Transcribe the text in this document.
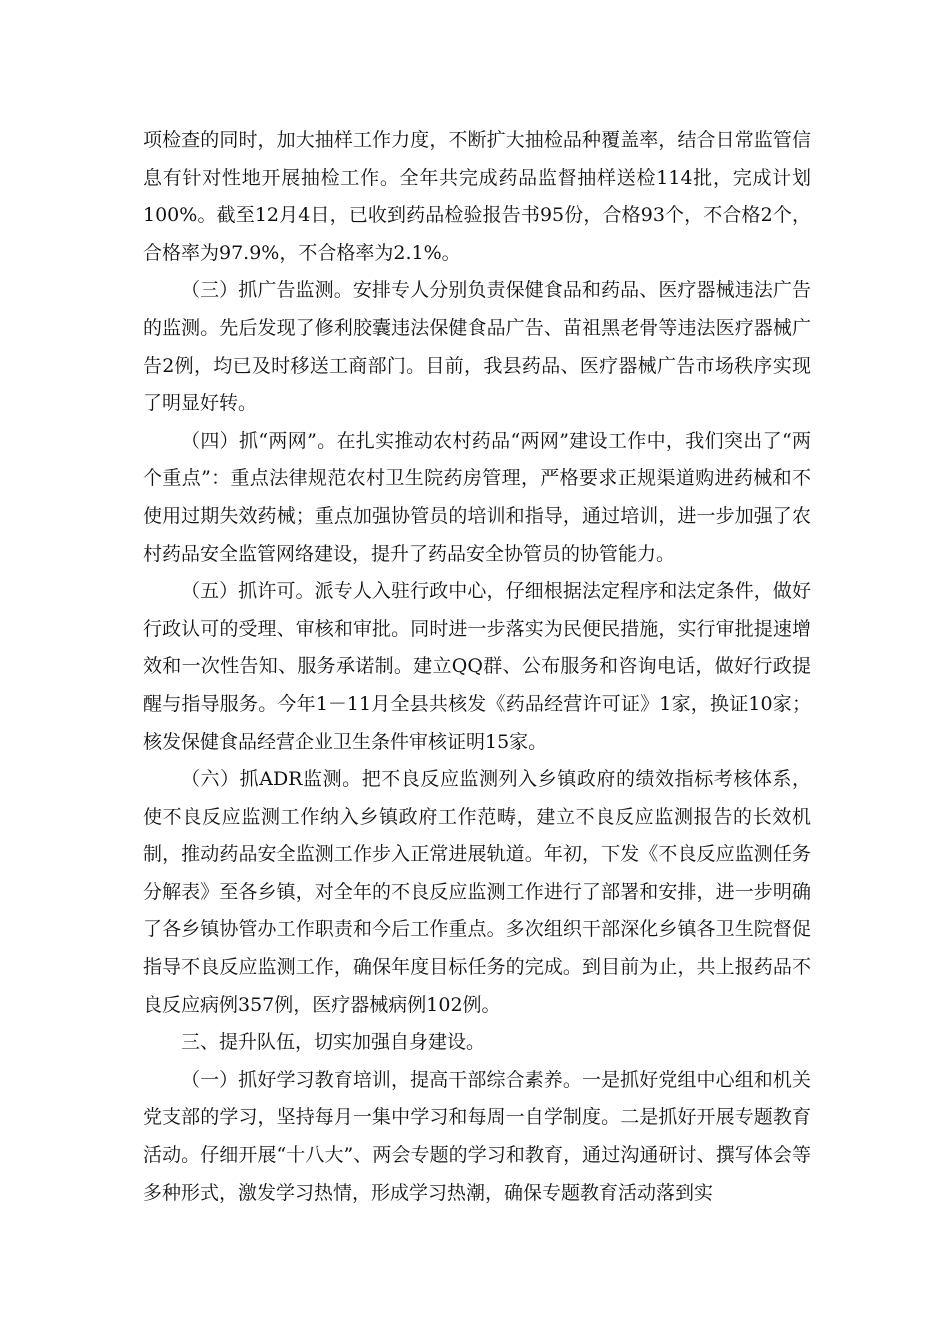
项检查的同时，加大抽样工作力度，不断扩大抽检品种覆盖率，结合日常监管信息有针对性地开展抽检工作。全年共完成药品监督抽样送检114批，完成计划100%。截至12月4日，已收到药品检验报告书95份，合格93个，不合格2个，合格率为97.9%，不合格率为2.1%。

（三）抓广告监测。安排专人分别负责保健食品和药品、医疗器械违法广告的监测。先后发现了修利胶囊违法保健食品广告、苗祖黑老骨等违法医疗器械广告2例，均已及时移送工商部门。目前，我县药品、医疗器械广告市场秩序实现了明显好转。

（四）抓“两网”。在扎实推动农村药品“两网”建设工作中，我们突出了“两个重点”：重点法律规范农村卫生院药房管理，严格要求正规渠道购进药械和不使用过期失效药械；重点加强协管员的培训和指导，通过培训，进一步加强了农村药品安全监管网络建设，提升了药品安全协管员的协管能力。

（五）抓许可。派专人入驻行政中心，仔细根据法定程序和法定条件，做好行政认可的受理、审核和审批。同时进一步落实为民便民措施，实行审批提速增效和一次性告知、服务承诺制。建立QQ群、公布服务和咨询电话，做好行政提醒与指导服务。今年1－11月全县共核发《药品经营许可证》1家，换证10家；核发保健食品经营企业卫生条件审核证明15家。

（六）抓ADR监测。把不良反应监测列入乡镇政府的绩效指标考核体系，使不良反应监测工作纳入乡镇政府工作范畴，建立不良反应监测报告的长效机制，推动药品安全监测工作步入正常进展轨道。年初，下发《不良反应监测任务分解表》至各乡镇，对全年的不良反应监测工作进行了部署和安排，进一步明确了各乡镇协管办工作职责和今后工作重点。多次组织干部深化乡镇各卫生院督促指导不良反应监测工作，确保年度目标任务的完成。到目前为止，共上报药品不良反应病例357例，医疗器械病例102例。

三、提升队伍，切实加强自身建设。

（一）抓好学习教育培训，提高干部综合素养。一是抓好党组中心组和机关党支部的学习，坚持每月一集中学习和每周一自学制度。二是抓好开展专题教育活动。仔细开展“十八大”、两会专题的学习和教育，通过沟通研讨、撰写体会等多种形式，激发学习热情，形成学习热潮，确保专题教育活动落到实
